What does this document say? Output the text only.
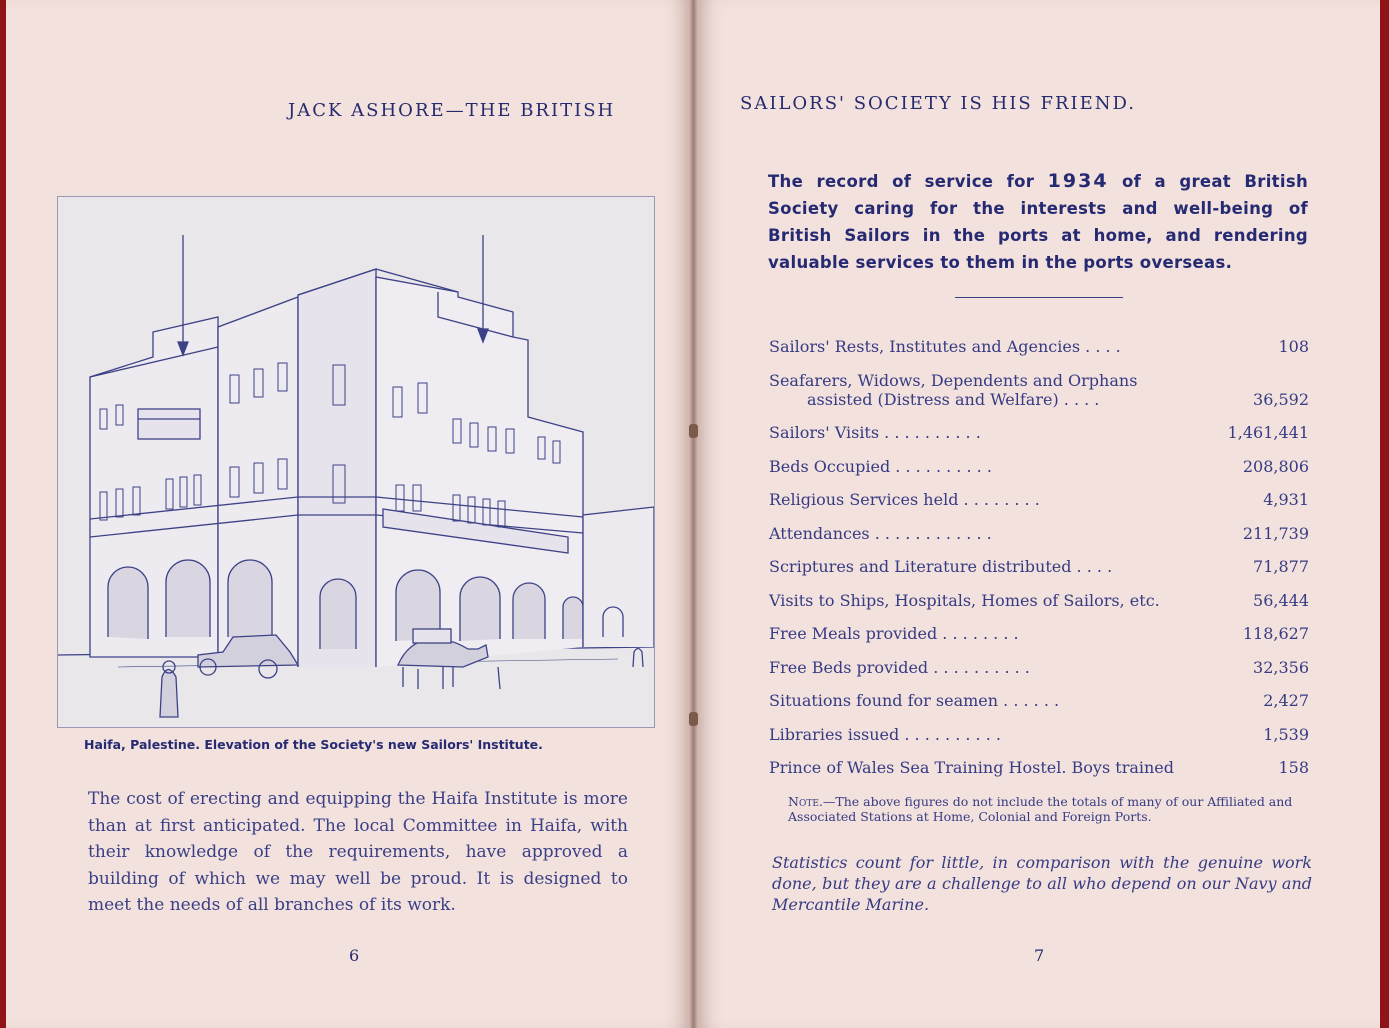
JACK ASHORE—THE BRITISH
Haifa, Palestine. Elevation of the Society's new Sailors' Institute.
The cost of erecting and equipping the Haifa Institute is more than at first anticipated. The local Committee in Haifa, with their knowledge of the requirements, have approved a building of which we may well be proud. It is designed to meet the needs of all branches of its work.
6
SAILORS' SOCIETY IS HIS FRIEND.
The record of service for 1934 of a great British Society caring for the interests and well-being of British Sailors in the ports at home, and rendering valuable services to them in the ports overseas.
Sailors' Rests, Institutes and Agencies . . . .	108
Seafarers, Widows, Dependents and Orphans
assisted (Distress and Welfare) . . . .	36,592
Sailors' Visits . . . . . . . . . .	1,461,441
Beds Occupied . . . . . . . . . .	208,806
Religious Services held . . . . . . . .	4,931
Attendances . . . . . . . . . . . .	211,739
Scriptures and Literature distributed . . . .	71,877
Visits to Ships, Hospitals, Homes of Sailors, etc.	56,444
Free Meals provided . . . . . . . .	118,627
Free Beds provided . . . . . . . . . .	32,356
Situations found for seamen . . . . . .	2,427
Libraries issued . . . . . . . . . .	1,539
Prince of Wales Sea Training Hostel. Boys trained	158
Note.—The above figures do not include the totals of many of our Affiliated and Associated Stations at Home, Colonial and Foreign Ports.
Statistics count for little, in comparison with the genuine work done, but they are a challenge to all who depend on our Navy and Mercantile Marine.
7
